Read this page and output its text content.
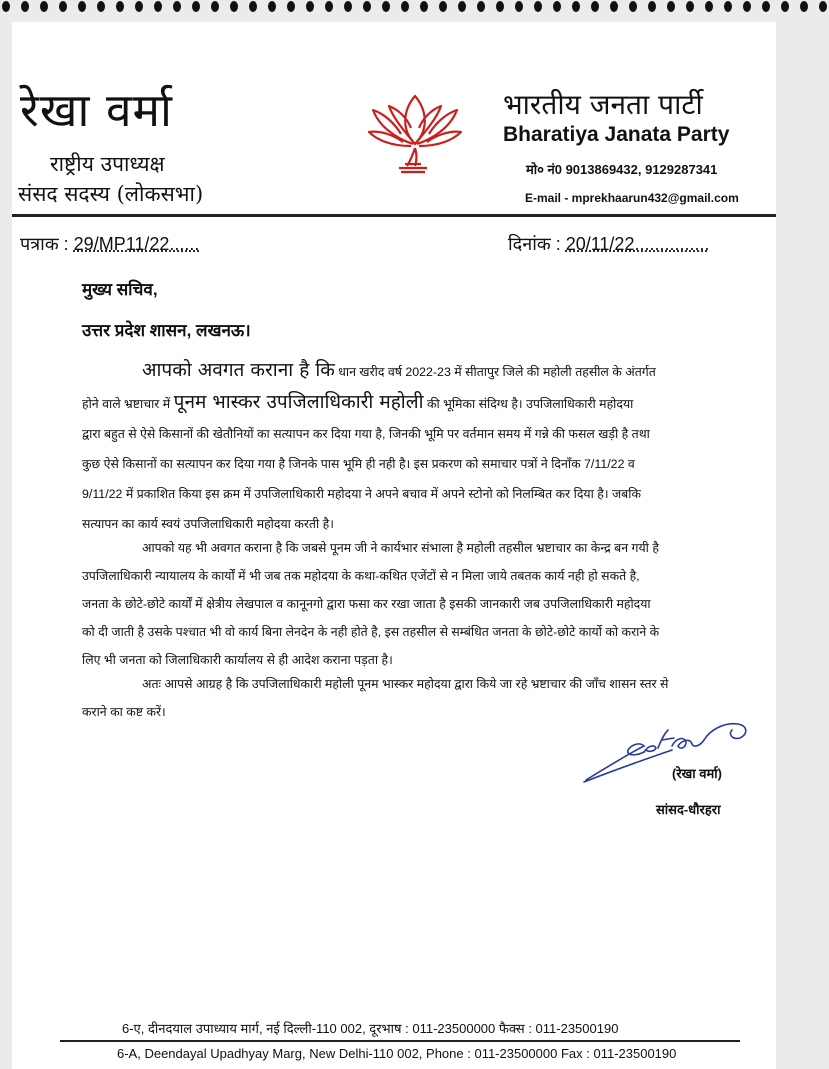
रेखा वर्मा
राष्ट्रीय उपाध्यक्ष
संसद सदस्य (लोकसभा)
भारतीय जनता पार्टी
Bharatiya Janata Party
मो० नं0 9013869432, 9129287341
E-mail - mprekhaarun432@gmail.com
पत्राक : 29/MP11/22......	दिनांक : 20/11/22...............
मुख्य सचिव,
उत्तर प्रदेश शासन, लखनऊ।
आपको अवगत कराना है कि धान खरीद वर्ष 2022-23 में सीतापुर जिले की महोली तहसील के अंतर्गत
होने वाले भ्रष्टाचार में पूनम भास्कर उपजिलाधिकारी महोली की भूमिका संदिग्ध है। उपजिलाधिकारी महोदया
द्वारा बहुत से ऐसे किसानों की खेतौनियों का सत्यापन कर दिया गया है, जिनकी भूमि पर वर्तमान समय में गन्ने की फसल खड़ी है तथा
कुछ ऐसे किसानों का सत्यापन कर दिया गया है जिनके पास भूमि ही नही है। इस प्रकरण को समाचार पत्रों ने दिनाँक 7/11/22 व
9/11/22 में प्रकाशित किया इस क्रम में उपजिलाधिकारी महोदया ने अपने बचाव में अपने स्टोनो को निलम्बित कर दिया है। जबकि
सत्यापन का कार्य स्वयं उपजिलाधिकारी महोदया करती है।
आपको यह भी अवगत कराना है कि जबसे पूनम जी ने कार्यभार संभाला है महोली तहसील भ्रष्टाचार का केन्द्र बन गयी है
उपजिलाधिकारी न्यायालय के कार्यों में भी जब तक महोदया के कथा-कथित एजेंटों से न मिला जाये तबतक कार्य नही हो सकते है,
जनता के छोटे-छोटे कार्यों में क्षेत्रीय लेखपाल व कानूनगो द्वारा फसा कर रखा जाता है इसकी जानकारी जब उपजिलाधिकारी महोदया
को दी जाती है उसके पश्चात भी वो कार्य बिना लेनदेन के नही होते है, इस तहसील से सम्बंधित जनता के छोटे-छोटे कार्यो को कराने के
लिए भी जनता को जिलाधिकारी कार्यालय से ही आदेश कराना पड़ता है।
अतः आपसे आग्रह है कि उपजिलाधिकारी महोली पूनम भास्कर महोदया द्वारा किये जा रहे भ्रष्टाचार की जाँच शासन स्तर से
कराने का कष्ट करें।
(रेखा वर्मा)
सांसद-धौरहरा
6-ए, दीनदयाल उपाध्याय मार्ग, नई दिल्ली-110 002, दूरभाष : 011-23500000 फैक्स : 011-23500190
6-A, Deendayal Upadhyay Marg, New Delhi-110 002, Phone : 011-23500000 Fax : 011-23500190
